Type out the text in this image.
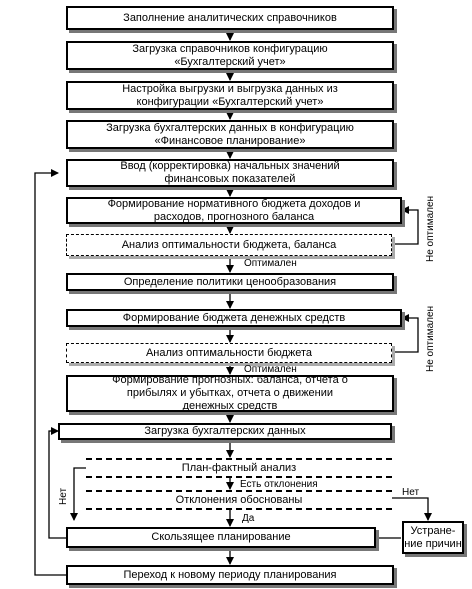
Заполнение аналитических справочников
Загрузка справочников конфигурацию
«Бухгалтерский учет»
Настройка выгрузки и выгрузка данных из
конфигурации «Бухгалтерский учет»
Загрузка бухгалтерских данных в конфигурацию
«Финансовое планирование»
Ввод (корректировка) начальных значений
финансовых показателей
Формирование нормативного бюджета доходов и
расходов, прогнозного баланса
Анализ оптимальности бюджета, баланса
Определение политики ценообразования
Формирование бюджета денежных средств
Анализ оптимальности бюджета
Формирование прогнозных: баланса, отчета о
прибылях и убытках, отчета о движении
денежных средств
Загрузка бухгалтерских данных
План-фактный анализ
Отклонения обоснованы
Скользящее планирование
Переход к новому периоду планирования
Устране-
ние причин
Оптимален
Оптимален
Есть отклонения
Нет
Да
Нет
Не оптимален
Не оптимален
